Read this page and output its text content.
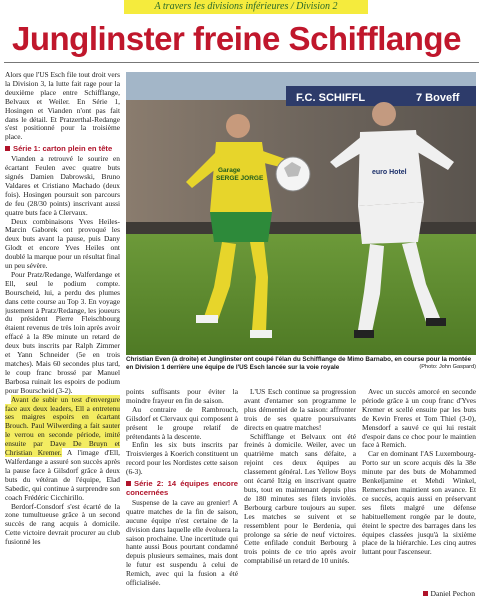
A travers les divisions inférieures / Division 2
Junglinster freine Schifflange

Alors que l'US Esch file tout droit vers la Division 3, la lutte fait rage pour la deuxième place entre Schifflange, Belvaux et Weiler. En Série 1, Hosingen et Vianden n'ont pas fait dans le détail. Et Pratzerthal-Redange s'est positionné pour la troisième place.

Série 1: carton plein en tête

Vianden a retrouvé le sourire en écartant Feulen avec quatre buts signés Damien Dabrowski, Bruno Valdares et Cristiano Machado (deux fois). Hosingen poursuit son parcours de feu (28/30 points) inscrivant aussi quatre buts face à Clervaux.

Deux combinaisons Yves Heiles-Marcin Gaborek ont provoqué les deux buts avant la pause, puis Dany Glodt et encore Yves Heiles ont doublé la marque pour un résultat final un peu sévère.

Pour Pratz/Redange, Walferdange et Ell, seul le podium compte. Bourscheid, lui, a perdu des plumes dans cette course au Top 3. En voyage justement à Pratz/Redange, les joueurs du président Pierre Fleischbourg étaient revenus de très loin après avoir effacé à la 89e minute un retard de deux buts inscrits par Ralph Zimmer et Yann Schneider (5e en trois matches). Mais 60 secondes plus tard, le coup franc brossé par Manuel Barbosa ruinait les espoirs de podium pour Bourscheid (3-2).

Avant de subir un test d'envergure face aux deux leaders, Ell a entretenu ses maigres espoirs en écartant Brouch. Paul Wilwerding a fait sauter le verrou en seconde période, imité ensuite par Dave De Bruyn et Christian Kremer. A l'image d'Ell, Walferdange a assuré son succès après la pause face à Gilsdorf grâce à deux buts du vétéran de l'équipe, Elad Sabedic, qui continue à surprendre son coach Frédéric Cicchirillo.

Berdorf-Consdorf s'est écarté de la zone tumultueuse grâce à un second succès de rang acquis à domicile. Cette victoire devrait procurer au club fusionné les

F.C. SCHIFFL	7 Boveff
Garage
SERGE JORGE
euro Hotel
Christian Even (à droite) et Junglinster ont coupé l'élan du Schifflange de Mimo Barnabo, en course pour la montée en Division 1 derrière une équipe de l'US Esch lancée sur la voie royale	(Photo: John Gaspard)

points suffisants pour éviter la moindre frayeur en fin de saison.

Au contraire de Rambrouch, Gilsdorf et Clervaux qui composent à présent le groupe relatif de prétendants à la descente.

Enfin les six buts inscrits par Troisvierges à Koerich constituent un record pour les Nordistes cette saison (6-3).

Série 2: 14 équipes encore concernées

Suspense de la cave au grenier! A quatre matches de la fin de saison, aucune équipe n'est certaine de la division dans laquelle elle évoluera la saison prochaine. Une incertitude qui hante aussi Bous pourtant condamné depuis plusieurs semaines, mais dont le futur est suspendu à celui de Remich, avec qui la fusion a été officialisée.

L'US Esch continue sa progression avant d'entamer son programme le plus démentiel de la saison: affronter trois de ses quatre poursuivants directs en quatre matches!

Schifflange et Belvaux ont été freinés à domicile. Weiler, avec un quatrième match sans défaite, a rejoint ces deux équipes au classement général. Les Yellow Boys ont écarté Itzig en inscrivant quatre buts, tout en maintenant depuis plus de 180 minutes ses filets inviolés. Berbourg carbure toujours au super. Les matches se suivent et se ressemblent pour le Berdenia, qui prolonge sa série de neuf victoires. Cette enfilade conduit Berbourg à trois points de ce trio après avoir comptabilisé un retard de 10 unités.

Avec un succès amorcé en seconde période grâce à un coup franc d'Yves Kremer et scellé ensuite par les buts de Kevin Freres et Tom Thiel (3-0), Mensdorf a sauvé ce qui lui restait d'espoir dans ce choc pour le maintien face à Remich.

Car en dominant l'AS Luxembourg-Porto sur un score acquis dès la 38e minute par des buts de Mohammed Benkeljamine et Mehdi Winkel, Remerschen maintient son avance. Et ce succès, acquis aussi en préservant ses filets malgré une défense habituellement rongée par le doute, éteint le spectre des barrages dans les équipes classées jusqu'à la sixième place de la hiérarchie. Les cinq autres luttant pour l'ascenseur.

Daniel Pechon
